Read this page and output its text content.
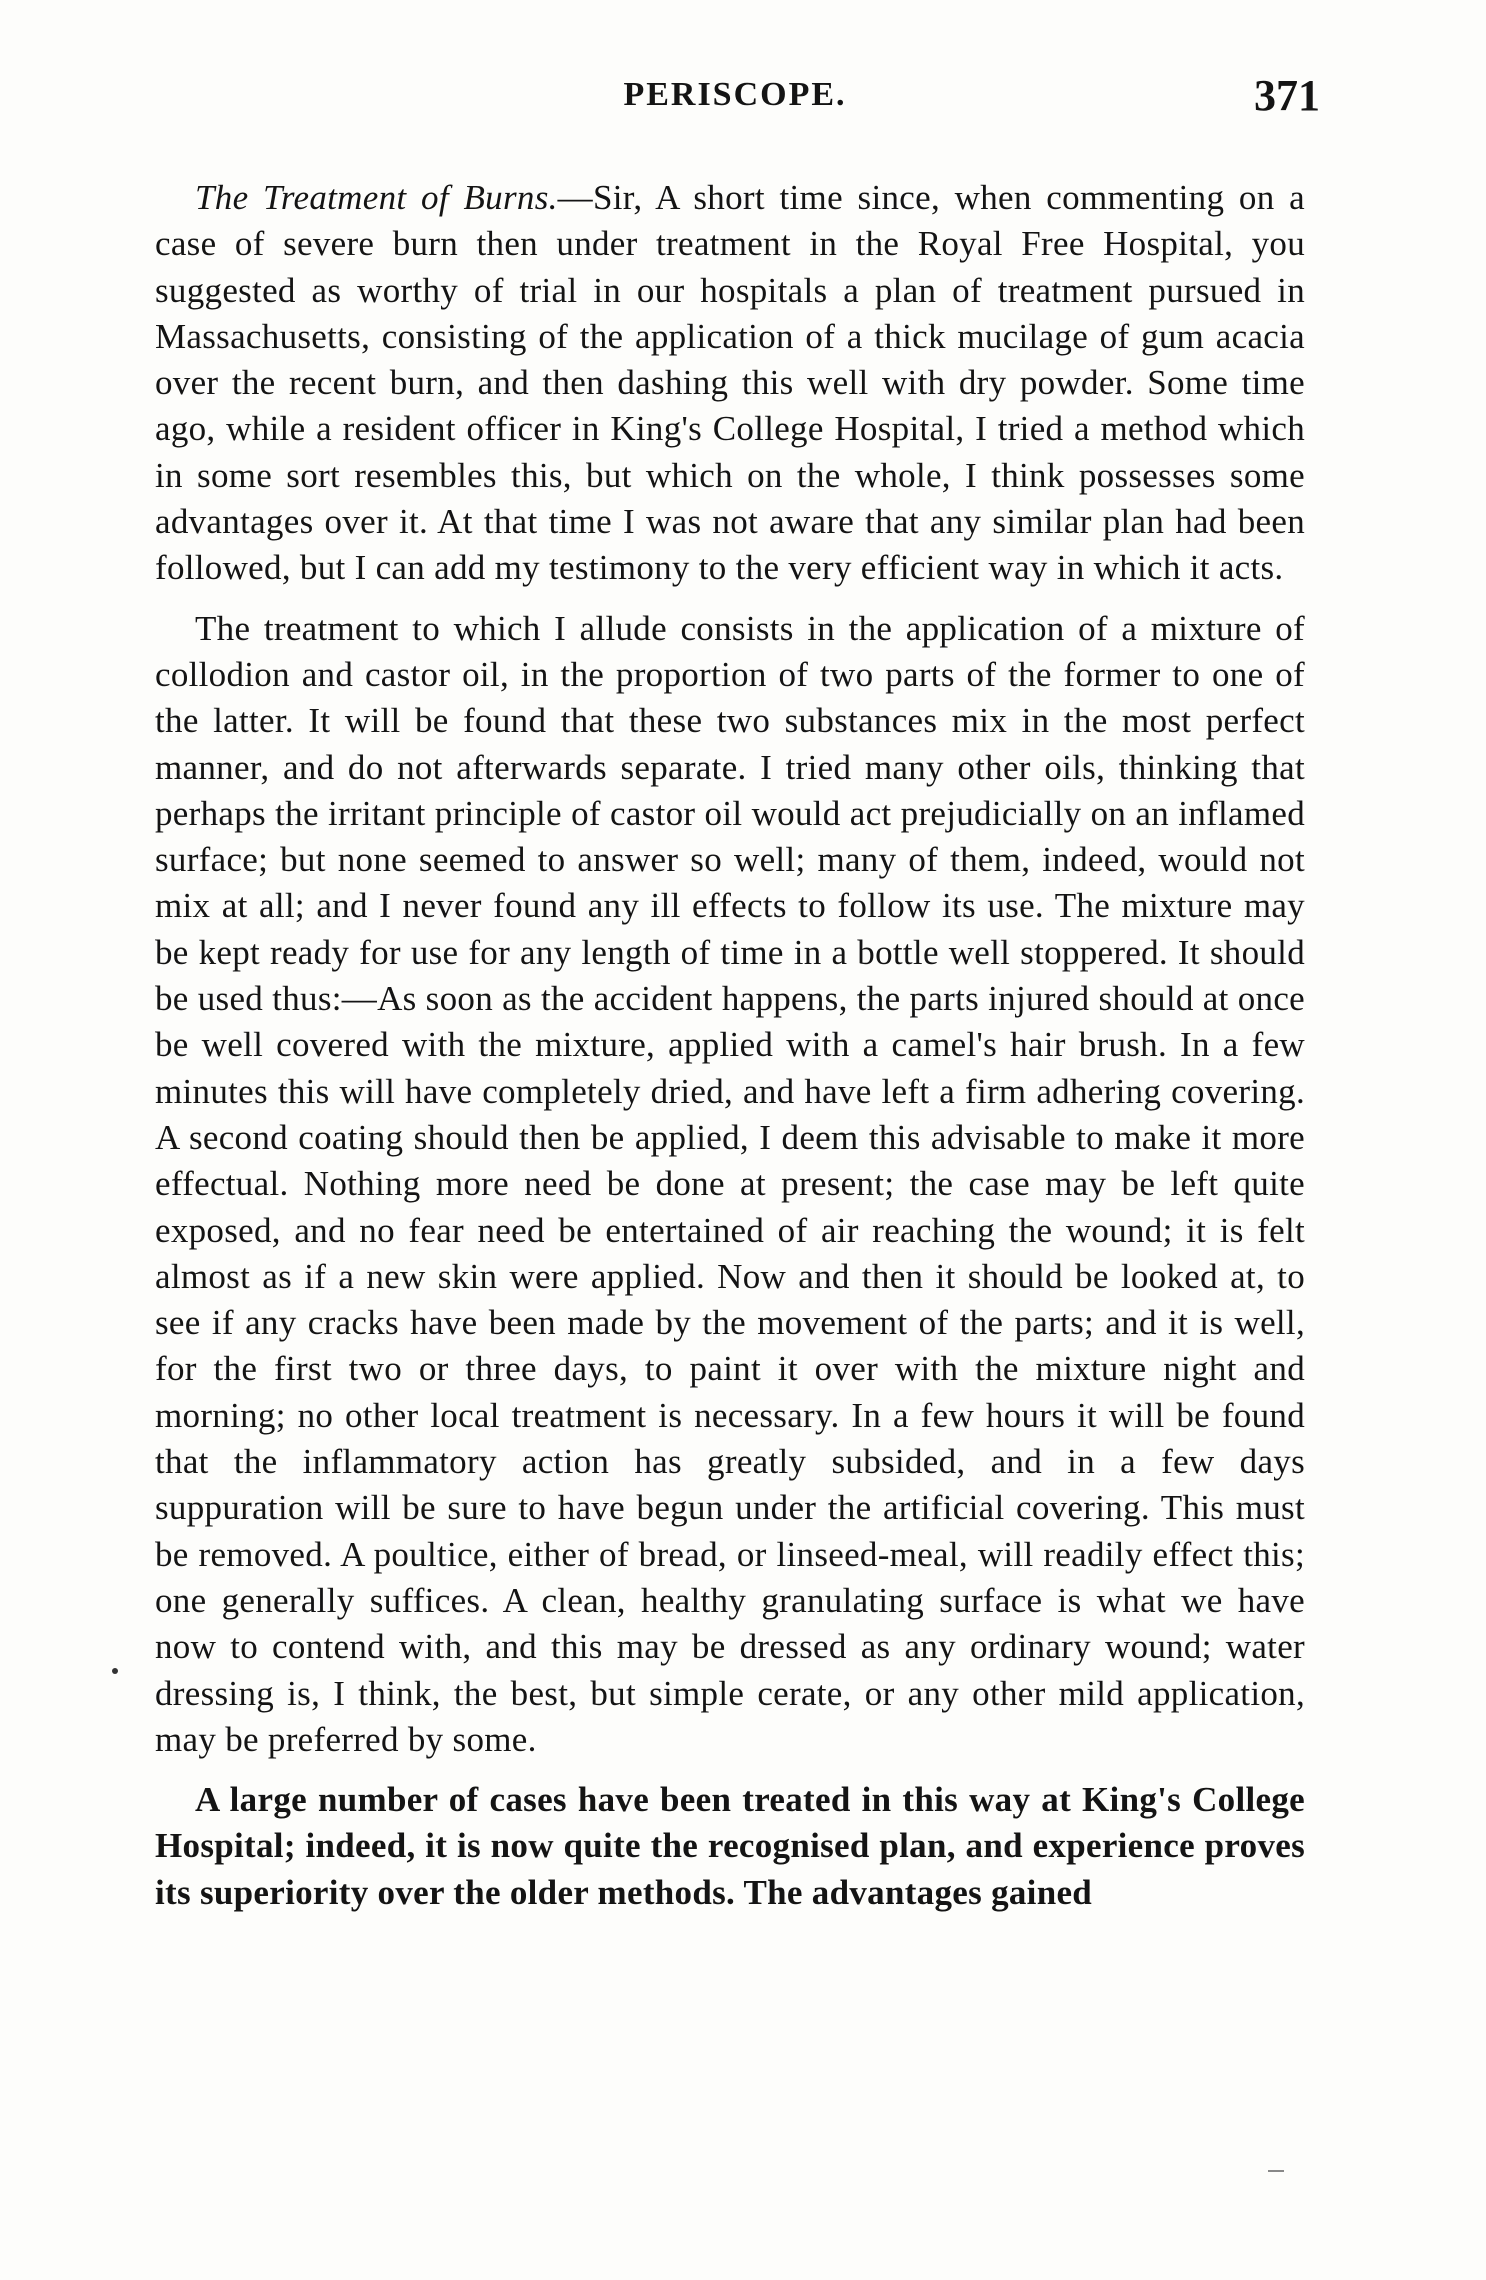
PERISCOPE.	371

The Treatment of Burns.—Sir, A short time since, when commenting on a case of severe burn then under treatment in the Royal Free Hospital, you suggested as worthy of trial in our hospitals a plan of treatment pursued in Massachusetts, consisting of the application of a thick mucilage of gum acacia over the recent burn, and then dashing this well with dry powder. Some time ago, while a resident officer in King's College Hospital, I tried a method which in some sort resembles this, but which on the whole, I think possesses some advantages over it. At that time I was not aware that any similar plan had been followed, but I can add my testimony to the very efficient way in which it acts.

The treatment to which I allude consists in the application of a mixture of collodion and castor oil, in the proportion of two parts of the former to one of the latter. It will be found that these two substances mix in the most perfect manner, and do not afterwards separate. I tried many other oils, thinking that perhaps the irritant principle of castor oil would act prejudicially on an inflamed surface; but none seemed to answer so well; many of them, indeed, would not mix at all; and I never found any ill effects to follow its use. The mixture may be kept ready for use for any length of time in a bottle well stoppered. It should be used thus:—As soon as the accident happens, the parts injured should at once be well covered with the mixture, applied with a camel's hair brush. In a few minutes this will have completely dried, and have left a firm adhering covering. A second coating should then be applied, I deem this advisable to make it more effectual. Nothing more need be done at present; the case may be left quite exposed, and no fear need be entertained of air reaching the wound; it is felt almost as if a new skin were applied. Now and then it should be looked at, to see if any cracks have been made by the movement of the parts; and it is well, for the first two or three days, to paint it over with the mixture night and morning; no other local treatment is necessary. In a few hours it will be found that the inflammatory action has greatly subsided, and in a few days suppuration will be sure to have begun under the artificial covering. This must be removed. A poultice, either of bread, or linseed-meal, will readily effect this; one generally suffices. A clean, healthy granulating surface is what we have now to contend with, and this may be dressed as any ordinary wound; water dressing is, I think, the best, but simple cerate, or any other mild application, may be preferred by some.

A large number of cases have been treated in this way at King's College Hospital; indeed, it is now quite the recognised plan, and experience proves its superiority over the older methods. The advantages gained
